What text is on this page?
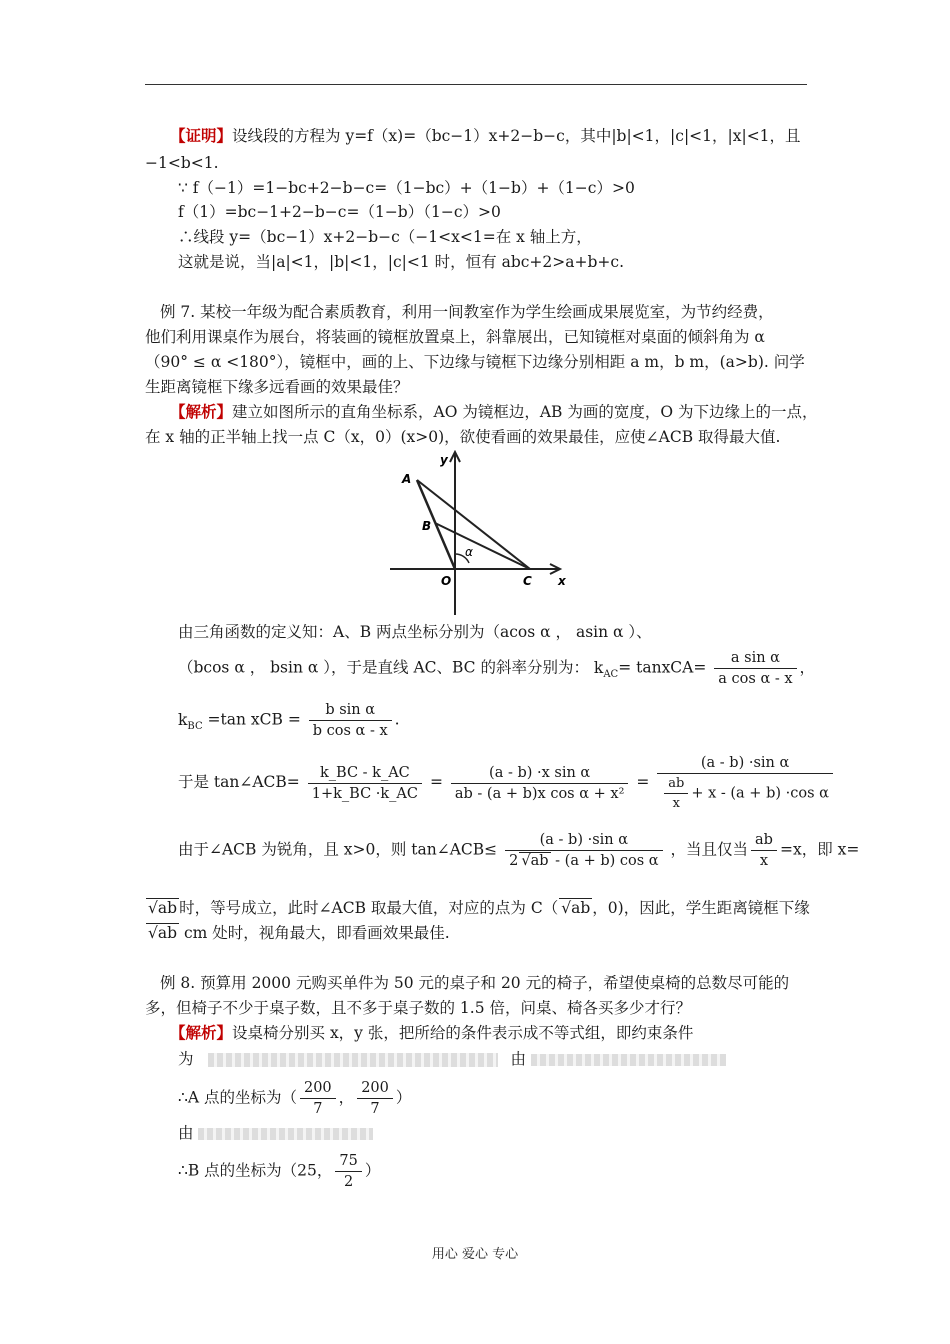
【证明】设线段的方程为 y=f（x)=（bc−1）x+2−b−c，其中|b|<1，|c|<1，|x|<1，且
−1<b<1.
∵ f（−1）=1−bc+2−b−c=（1−bc）+（1−b）+（1−c）>0
f（1）=bc−1+2−b−c=（1−b）（1−c）>0
∴线段 y=（bc−1）x+2−b−c（−1<x<1=在 x 轴上方，
这就是说，当|a|<1，|b|<1，|c|<1 时，恒有 abc+2>a+b+c.
例 7. 某校一年级为配合素质教育，利用一间教室作为学生绘画成果展览室，为节约经费，
他们利用课桌作为展台，将装画的镜框放置桌上，斜靠展出，已知镜框对桌面的倾斜角为 α
（90° ≤ α <180°），镜框中，画的上、下边缘与镜框下边缘分别相距 a m，b m，(a>b). 问学
生距离镜框下缘多远看画的效果最佳？
【解析】建立如图所示的直角坐标系，AO 为镜框边，AB 为画的宽度，O 为下边缘上的一点，
在 x 轴的正半轴上找一点 C（x，0）(x>0)，欲使看画的效果最佳，应使∠ACB 取得最大值.
y
A
B
α
O	C x
由三角函数的定义知：A、B 两点坐标分别为（acos α ， asin α ）、
（bcos α ， bsin α ），于是直线 AC、BC 的斜率分别为： $k_{AC}=$ tanxCA= $\frac{\text{a sin α}}{\text{a cos α - x}}$ ，
$k_{BC} =\tan$ xCB = $\frac{\text{b sin α}}{\text{b cos α - x}}$ .
于是 tan∠ACB= $\frac{k\_BC - k\_AC}{1+k\_BC \cdot k\_AC} = \frac{\text{(a - b) ·x sin α}}{\text{ab - (a + b)x cos α + x²}}$ =
(a - b) ·sin α
$\frac{ab}{x} + x - (a + b) \cdot\cos$ α
由于∠ACB 为锐角，且 x>0，则 tan∠ACB≤ $\frac{\text{(a - b) ·sin α}}{\text{2 √ab - (a + b) cos α}}$ ，当且仅当 $\frac{ab}{x} =x$，即 x=
√ab 时，等号成立，此时∠ACB 取最大值，对应的点为 C（ √ab ，0)，因此，学生距离镜框下缘
√ab cm 处时，视角最大，即看画效果最佳.
例 8. 预算用 2000 元购买单件为 50 元的桌子和 20 元的椅子，希望使桌椅的总数尽可能的
多，但椅子不少于桌子数，且不多于桌子数的 1.5 倍，问桌、椅各买多少才行？
【解析】设桌椅分别买 x，y 张，把所给的条件表示成不等式组，即约束条件
为	由
∴A 点的坐标为（ $\frac{200}{7}$ ， $\frac{200}{7}$ ）
由
∴B 点的坐标为（25， $\frac{75}{2}$ ）
用心 爱心 专心
